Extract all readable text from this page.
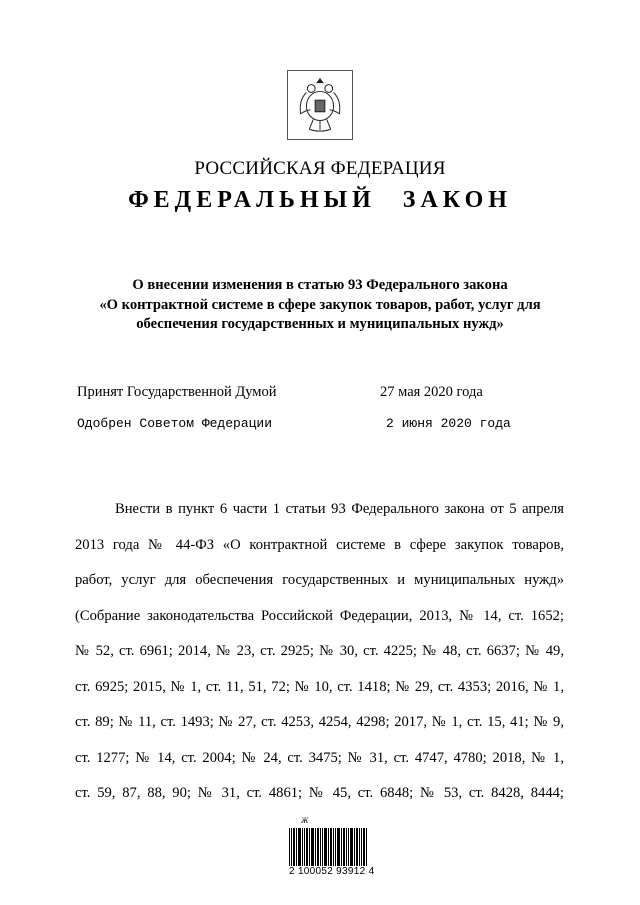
РОССИЙСКАЯ ФЕДЕРАЦИЯ
ФЕДЕРАЛЬНЫЙ ЗАКОН
О внесении изменения в статью 93 Федерального закона
«О контрактной системе в сфере закупок товаров, работ, услуг для
обеспечения государственных и муниципальных нужд»
Принят Государственной Думой	27 мая 2020 года
Одобрен Советом Федерации	2 июня 2020 года
Внести в пункт 6 части 1 статьи 93 Федерального закона от 5 апреля
2013 года № 44-ФЗ «О контрактной системе в сфере закупок товаров,
работ, услуг для обеспечения государственных и муниципальных нужд»
(Собрание законодательства Российской Федерации, 2013, № 14, ст. 1652;
№ 52, ст. 6961; 2014, № 23, ст. 2925; № 30, ст. 4225; № 48, ст. 6637; № 49,
ст. 6925; 2015, № 1, ст. 11, 51, 72; № 10, ст. 1418; № 29, ст. 4353; 2016, № 1,
ст. 89; № 11, ст. 1493; № 27, ст. 4253, 4254, 4298; 2017, № 1, ст. 15, 41; № 9,
ст. 1277; № 14, ст. 2004; № 24, ст. 3475; № 31, ст. 4747, 4780; 2018, № 1,
ст. 59, 87, 88, 90; № 31, ст. 4861; № 45, ст. 6848; № 53, ст. 8428, 8444;
Ж
2 100052 93912 4
